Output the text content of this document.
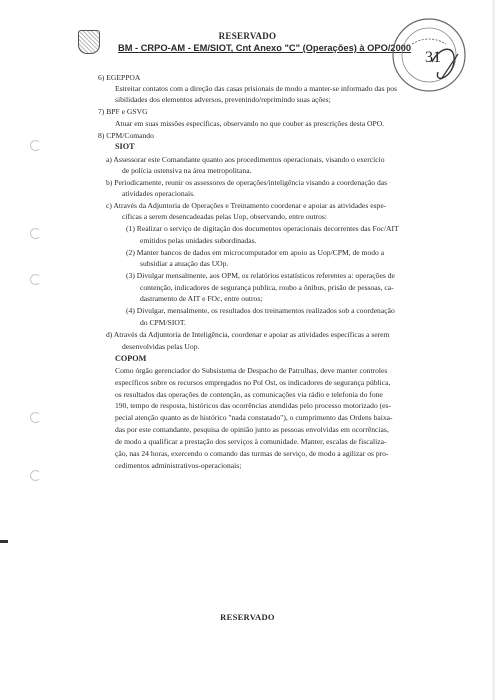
RESERVADO
BM - CRPO-AM - EM/SIOT, Cnt Anexo "C" (Operações) à OPO/2000
31
6) EGEPPOA
Estreitar contatos com a direção das casas prisionais de modo a manter-se informado das pos
sibilidades dos elementos adversos, prevenindo/reprimindo suas ações;
7) BPF e GSVG
Atuar em suas missões específicas, observando no que couber as prescrições desta OPO.
8) CPM/Comando
SIOT
a) Assessorar este Comandante quanto aos procedimentos operacionais, visando o exercício
de polícia ostensiva na área metropolitana.
b) Periodicamente, reunir os assessores de operações/inteligência visando a coordenação das
atividades operacionais.
c) Através da Adjuntoria de Operações e Treinamento coordenar e apoiar as atividades espe-
cíficas a serem desencadeadas pelas Uop, observando, entre outros:
(1) Realizar o serviço de digitação dos documentos operacionais decorrentes das Foc/AIT
emitidos pelas unidades subordinadas.
(2) Manter bancos de dados em microcomputador em apoio as Uop/CPM, de modo a
subsidiar a atuação das UOp.
(3) Divulgar mensalmente, aos OPM, os relatórios estatísticos referentes a: operações de
contenção, indicadores de segurança publica, roubo a ônibus, prisão de pessoas, ca-
dastramento de AIT e FOc, entre outros;
(4) Divulgar, mensalmente, os resultados dos treinamentos realizados sob a coordenação
do CPM/SIOT.
d) Através da Adjuntoria de Inteligência, coordenar e apoiar as atividades específicas a serem
desenvolvidas pelas Uop.
COPOM
Como órgão gerenciador do Subsistema de Despacho de Patrulhas, deve manter controles
específicos sobre os recursos empregados no Pol Ost, os indicadores de segurança pública,
os resultados das operações de contenção, as comunicações via rádio e telefonia do fone
190, tempo de resposta, históricos das ocorrências atendidas pelo processo motorizado (es-
pecial atenção quanto as de histórico "nada constatado"), o cumprimento das Ordens baixa-
das por este comandante, pesquisa de opinião junto as pessoas envolvidas em ocorrências,
de modo a qualificar a prestação dos serviços à comunidade. Manter, escalas de fiscaliza-
ção, nas 24 horas, exercendo o comando das turmas de serviço, de modo a agilizar os pro-
cedimentos administrativos-operacionais;
RESERVADO
